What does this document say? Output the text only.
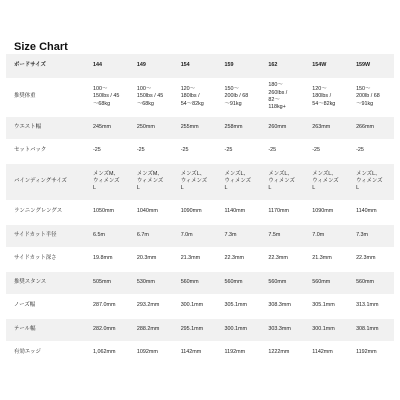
Size Chart
ボードサイズ	144	149	154	159	162	154W	159W
推奨体重	100〜
150lbs / 45
〜68kg	100〜
150lbs / 45
〜68kg	120〜
180lbs /
54〜82kg	150〜
200lb / 68
〜91kg	180〜
260lbs /
82〜
118kg+	120〜
180lbs /
54〜82kg	150〜
200lb / 68
〜91kg
ウエスト幅	245mm	250mm	255mm	258mm	260mm	263mm	266mm
セットバック	-25	-25	-25	-25	-25	-25	-25
バインディングサイズ	メンズM、
ウィメンズ
L	メンズM、
ウィメンズ
L	メンズL、
ウィメンズ
L	メンズL、
ウィメンズ
L	メンズL、
ウィメンズ
L	メンズL、
ウィメンズ
L	メンズL、
ウィメンズ
L
ランニングレングス	1050mm	1040mm	1090mm	1140mm	1170mm	1090mm	1140mm
サイドカット半径	6.5m	6.7m	7.0m	7.3m	7.5m	7.0m	7.3m
サイドカット深さ	19.8mm	20.3mm	21.3mm	22.3mm	22.3mm	21.3mm	22.3mm
推奨スタンス	505mm	530mm	560mm	560mm	560mm	560mm	560mm
ノーズ幅	287.0mm	293.2mm	300.1mm	305.1mm	308.3mm	305.1mm	313.1mm
テール幅	282.0mm	288.2mm	295.1mm	300.1mm	303.3mm	300.1mm	308.1mm
有効エッジ	1,062mm	1092mm	1142mm	1192mm	1222mm	1142mm	1192mm
